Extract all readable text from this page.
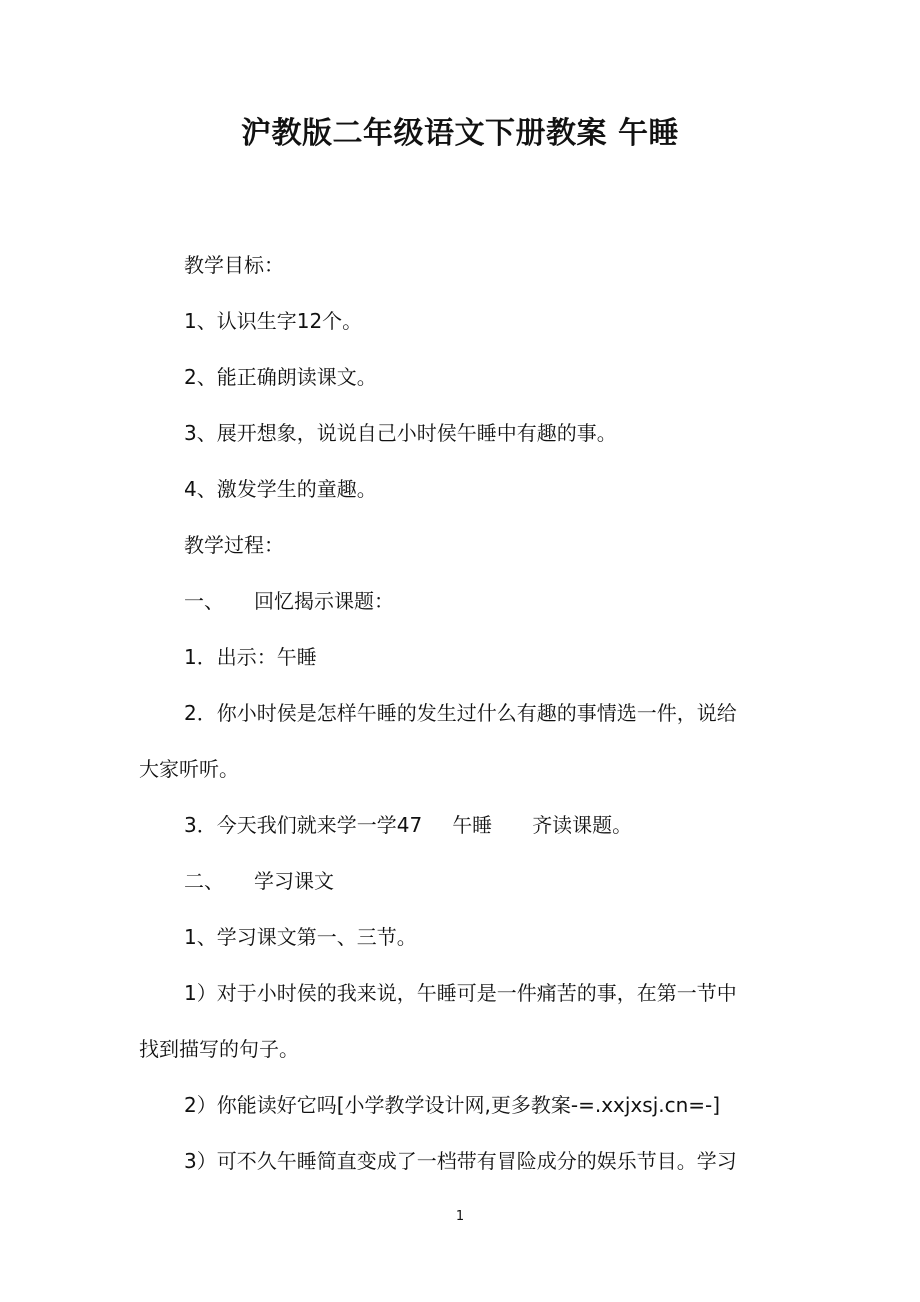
沪教版二年级语文下册教案 午睡
教学目标：
1、认识生字12个。
2、能正确朗读课文。
3、展开想象，说说自己小时侯午睡中有趣的事。
4、激发学生的童趣。
教学过程：
一、 回忆揭示课题：
1．出示：午睡
2．你小时侯是怎样午睡的发生过什么有趣的事情选一件，说给
大家听听。
3．今天我们就来学一学47 午睡 齐读课题。
二、 学习课文
1、学习课文第一、三节。
1）对于小时侯的我来说，午睡可是一件痛苦的事，在第一节中
找到描写的句子。
2）你能读好它吗[小学教学设计网,更多教案-=.xxjxsj.cn=-]
3）可不久午睡简直变成了一档带有冒险成分的娱乐节目。学习
1
